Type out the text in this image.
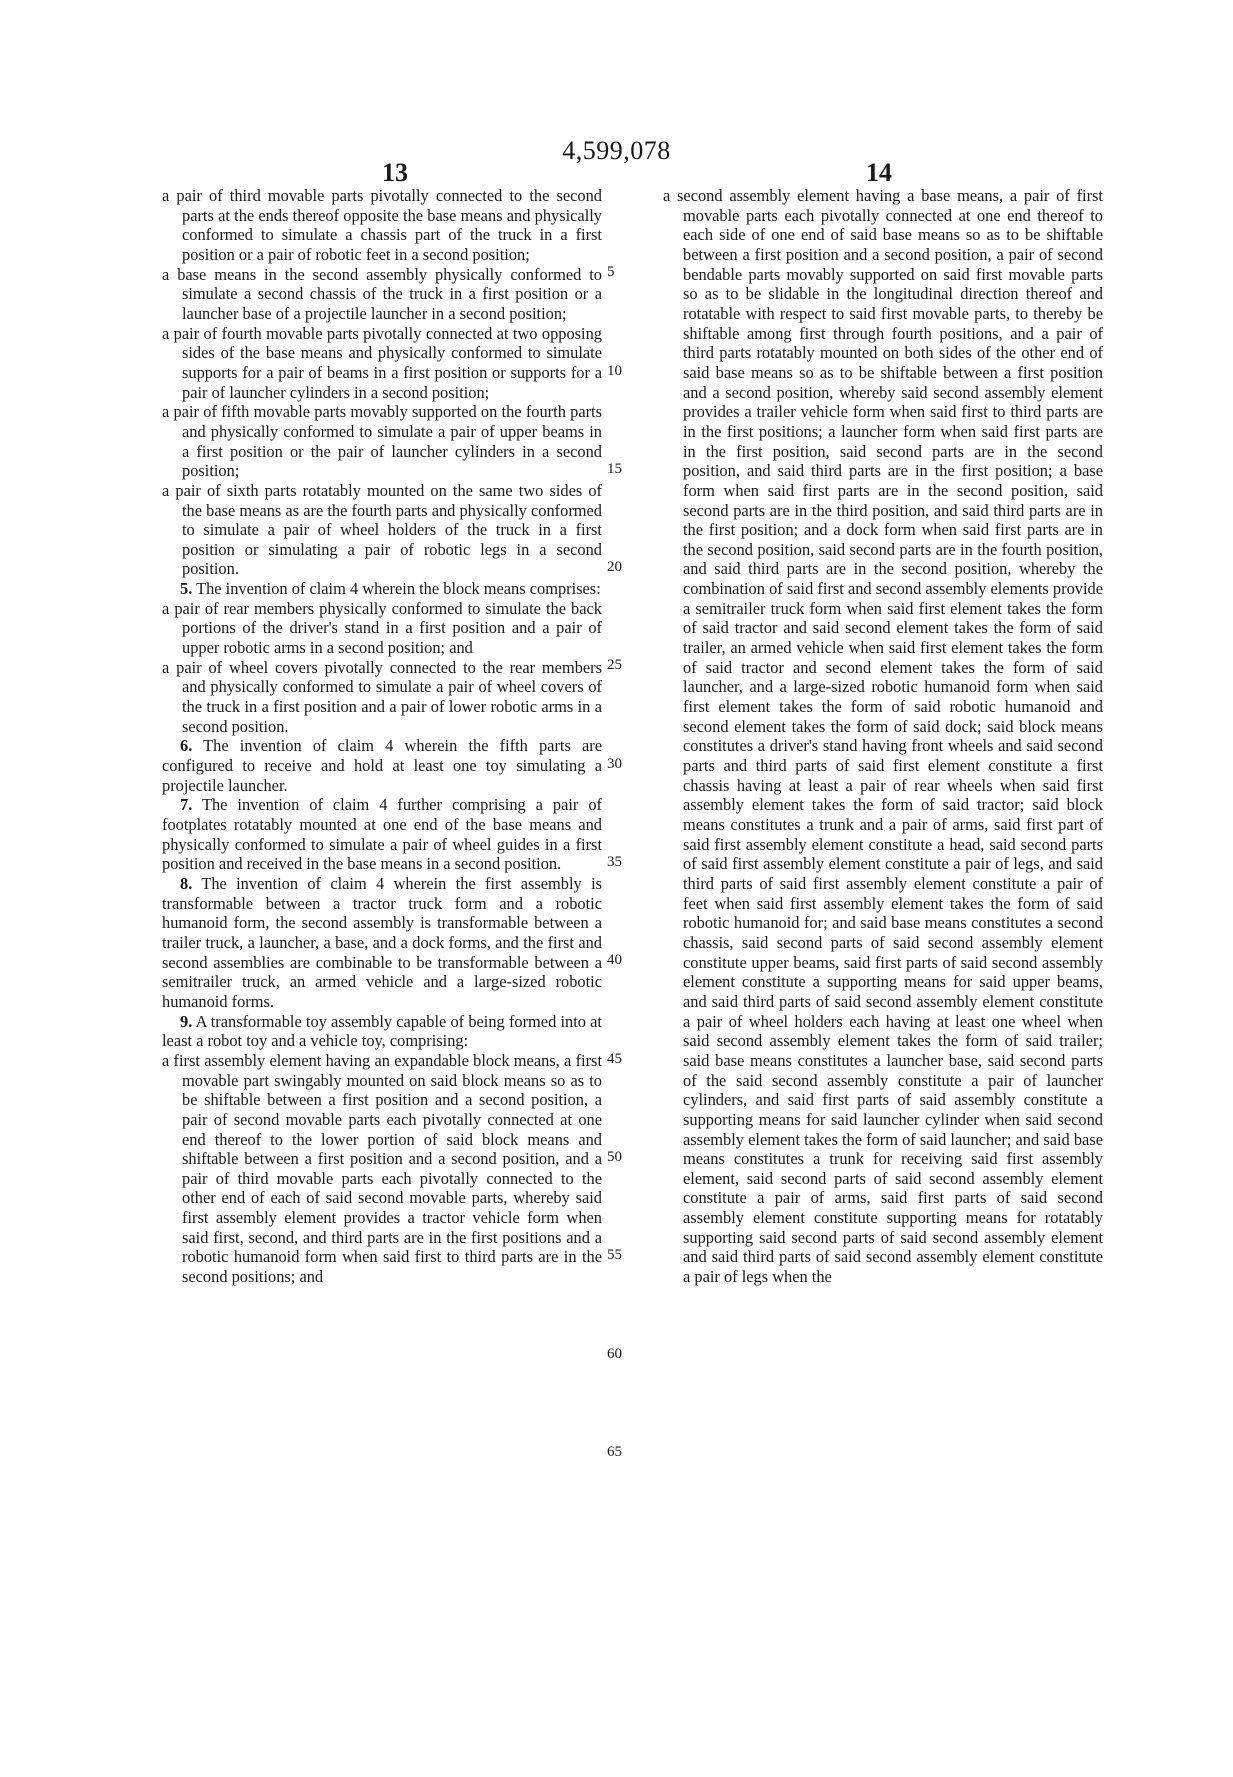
4,599,078
13	14

a pair of third movable parts pivotally connected to the second parts at the ends thereof opposite the base means and physically conformed to simulate a chassis part of the truck in a first position or a pair of robotic feet in a second position;

a base means in the second assembly physically conformed to simulate a second chassis of the truck in a first position or a launcher base of a projectile launcher in a second position;

a pair of fourth movable parts pivotally connected at two opposing sides of the base means and physically conformed to simulate supports for a pair of beams in a first position or supports for a pair of launcher cylinders in a second position;

a pair of fifth movable parts movably supported on the fourth parts and physically conformed to simulate a pair of upper beams in a first position or the pair of launcher cylinders in a second position;

a pair of sixth parts rotatably mounted on the same two sides of the base means as are the fourth parts and physically conformed to simulate a pair of wheel holders of the truck in a first position or simulating a pair of robotic legs in a second position.

5. The invention of claim 4 wherein the block means comprises:

a pair of rear members physically conformed to simulate the back portions of the driver's stand in a first position and a pair of upper robotic arms in a second position; and

a pair of wheel covers pivotally connected to the rear members and physically conformed to simulate a pair of wheel covers of the truck in a first position and a pair of lower robotic arms in a second position.

6. The invention of claim 4 wherein the fifth parts are configured to receive and hold at least one toy simulating a projectile launcher.

7. The invention of claim 4 further comprising a pair of footplates rotatably mounted at one end of the base means and physically conformed to simulate a pair of wheel guides in a first position and received in the base means in a second position.

8. The invention of claim 4 wherein the first assembly is transformable between a tractor truck form and a robotic humanoid form, the second assembly is transformable between a trailer truck, a launcher, a base, and a dock forms, and the first and second assemblies are combinable to be transformable between a semitrailer truck, an armed vehicle and a large-sized robotic humanoid forms.

9. A transformable toy assembly capable of being formed into at least a robot toy and a vehicle toy, comprising:

a first assembly element having an expandable block means, a first movable part swingably mounted on said block means so as to be shiftable between a first position and a second position, a pair of second movable parts each pivotally connected at one end thereof to the lower portion of said block means and shiftable between a first position and a second position, and a pair of third movable parts each pivotally connected to the other end of each of said second movable parts, whereby said first assembly element provides a tractor vehicle form when said first, second, and third parts are in the first positions and a robotic humanoid form when said first to third parts are in the second positions; and

5
10
15
20
25
30
35
40
45
50
55
60
65

a second assembly element having a base means, a pair of first movable parts each pivotally connected at one end thereof to each side of one end of said base means so as to be shiftable between a first position and a second position, a pair of second bendable parts movably supported on said first movable parts so as to be slidable in the longitudinal direction thereof and rotatable with respect to said first movable parts, to thereby be shiftable among first through fourth positions, and a pair of third parts rotatably mounted on both sides of the other end of said base means so as to be shiftable between a first position and a second position, whereby said second assembly element provides a trailer vehicle form when said first to third parts are in the first positions; a launcher form when said first parts are in the first position, said second parts are in the second position, and said third parts are in the first position; a base form when said first parts are in the second position, said second parts are in the third position, and said third parts are in the first position; and a dock form when said first parts are in the second position, said second parts are in the fourth position, and said third parts are in the second position, whereby the combination of said first and second assembly elements provide a semitrailer truck form when said first element takes the form of said tractor and said second element takes the form of said trailer, an armed vehicle when said first element takes the form of said tractor and second element takes the form of said launcher, and a large-sized robotic humanoid form when said first element takes the form of said robotic humanoid and second element takes the form of said dock; said block means constitutes a driver's stand having front wheels and said second parts and third parts of said first element constitute a first chassis having at least a pair of rear wheels when said first assembly element takes the form of said tractor; said block means constitutes a trunk and a pair of arms, said first part of said first assembly element constitute a head, said second parts of said first assembly element constitute a pair of legs, and said third parts of said first assembly element constitute a pair of feet when said first assembly element takes the form of said robotic humanoid for; and said base means constitutes a second chassis, said second parts of said second assembly element constitute upper beams, said first parts of said second assembly element constitute a supporting means for said upper beams, and said third parts of said second assembly element constitute a pair of wheel holders each having at least one wheel when said second assembly element takes the form of said trailer; said base means constitutes a launcher base, said second parts of the said second assembly constitute a pair of launcher cylinders, and said first parts of said assembly constitute a supporting means for said launcher cylinder when said second assembly element takes the form of said launcher; and said base means constitutes a trunk for receiving said first assembly element, said second parts of said second assembly element constitute a pair of arms, said first parts of said second assembly element constitute supporting means for rotatably supporting said second parts of said second assembly element and said third parts of said second assembly element constitute a pair of legs when the
